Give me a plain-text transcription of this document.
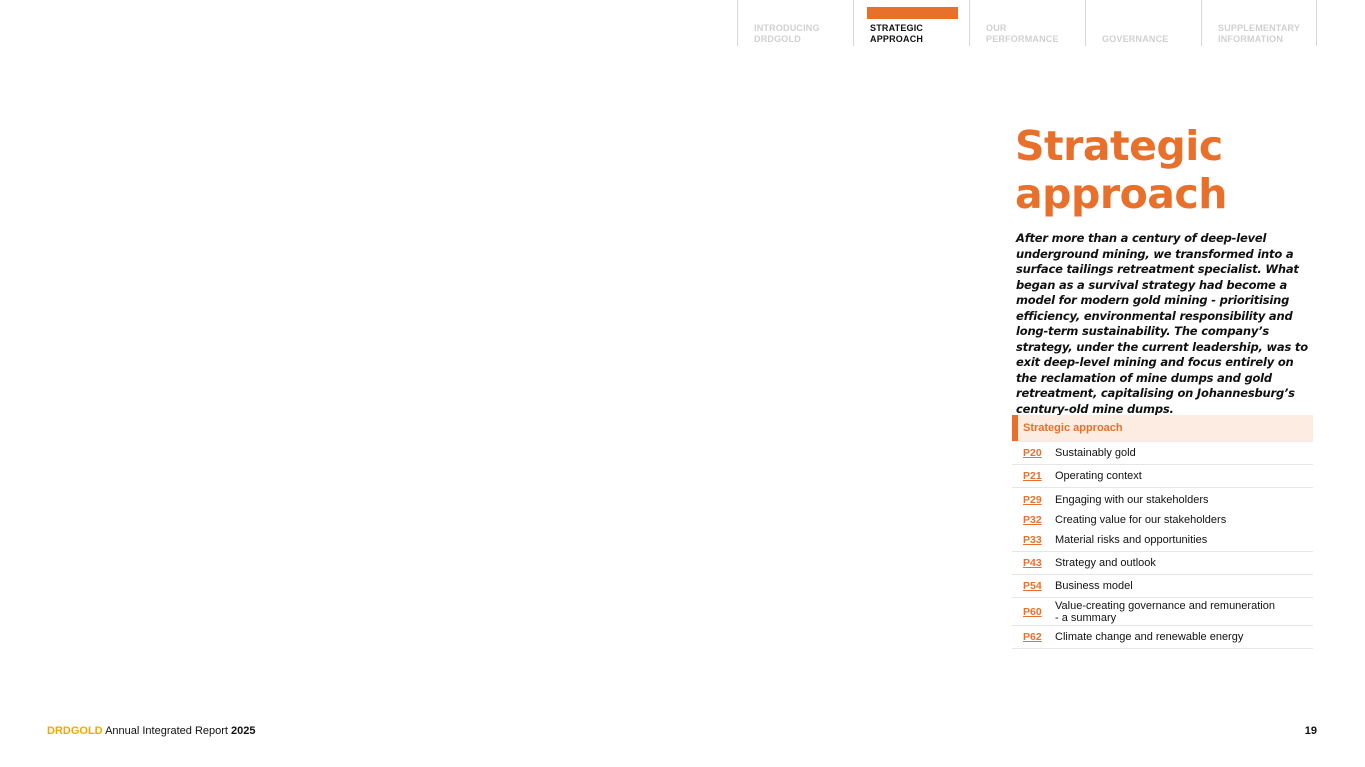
INTRODUCING
DRDGOLD
STRATEGIC
APPROACH
OUR
PERFORMANCE	GOVERNANCE
SUPPLEMENTARY
INFORMATION
Strategic approach

After more than a century of deep-level underground mining, we transformed into a surface tailings retreatment specialist. What began as a survival strategy had become a model for modern gold mining - prioritising efficiency, environmental responsibility and long-term sustainability. The company’s strategy, under the current leadership, was to exit deep-level mining and focus entirely on the reclamation of mine dumps and gold retreatment, capitalising on Johannesburg’s century-old mine dumps.

Strategic approach
P20	Sustainably gold
P21	Operating context
P29	Engaging with our stakeholders
P32	Creating value for our stakeholders
P33	Material risks and opportunities
P43	Strategy and outlook
P54	Business model
P60	Value-creating governance and remuneration
- a summary
P62	Climate change and renewable energy
DRDGOLD Annual Integrated Report 2025	19
